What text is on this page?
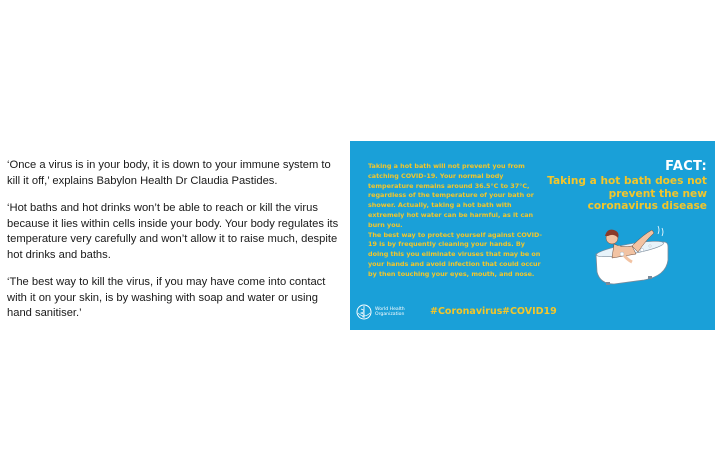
‘Once a virus is in your body, it is down to your immune system to kill it off,’ explains Babylon Health Dr Claudia Pastides.

‘Hot baths and hot drinks won’t be able to reach or kill the virus because it lies within cells inside your body. Your body regulates its temperature very carefully and won’t allow it to raise much, despite hot drinks and baths.

‘The best way to kill the virus, if you may have come into contact with it on your skin, is by washing with soap and water or using hand sanitiser.’

Taking a hot bath will not prevent you from catching COVID-19. Your normal body temperature remains around 36.5°C to 37°C, regardless of the temperature of your bath or shower. Actually, taking a hot bath with extremely hot water can be harmful, as it can burn you.

The best way to protect yourself against COVID-19 is by frequently cleaning your hands. By doing this you eliminate viruses that may be on your hands and avoid infection that could occur by then touching your eyes, mouth, and nose.

FACT:
Taking a hot bath does not prevent the new coronavirus disease
World Health Organization	#Coronavirus #COVID19
